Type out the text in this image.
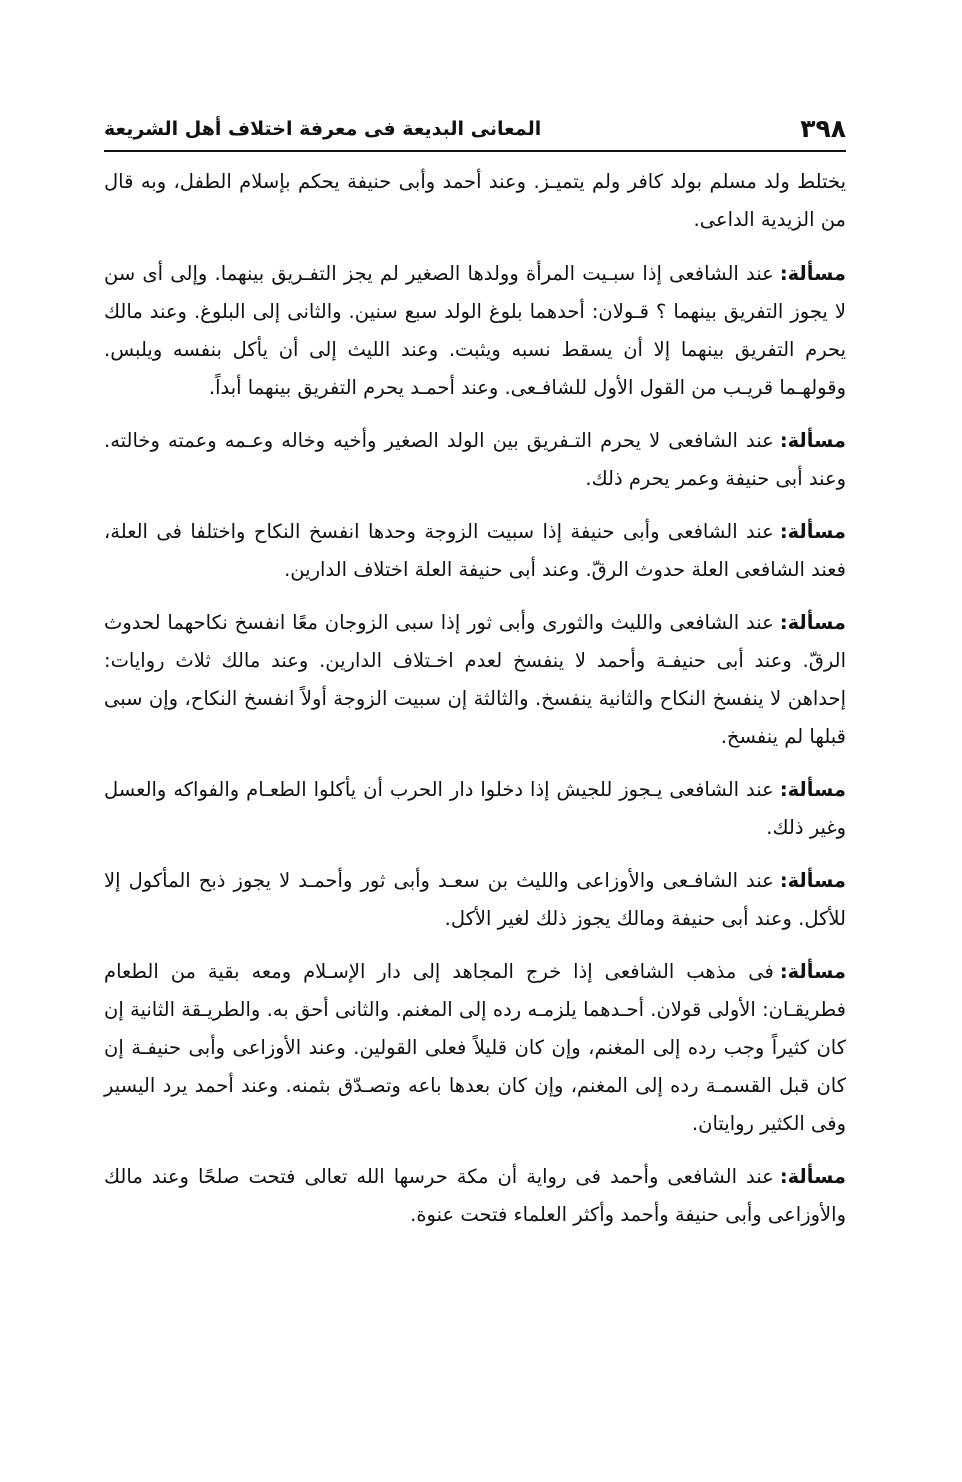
٣٩٨
المعانى البديعة فى معرفة اختلاف أهل الشريعة

يختلط ولد مسلم بولد كافر ولم يتميـز. وعند أحمد وأبى حنيفة يحكم بإسلام الطفل، وبه قال من الزيدية الداعى.

مسألة:عند الشافعى إذا سبـيت المرأة وولدها الصغير لم يجز التفـريق بينهما. وإلى أى سن لا يجوز التفريق بينهما ؟ قـولان: أحدهما بلوغ الولد سبع سنين. والثانى إلى البلوغ. وعند مالك يحرم التفريق بينهما إلا أن يسقط نسبه ويثبت. وعند الليث إلى أن يأكل بنفسه ويلبس. وقولهـما قريـب من القول الأول للشافـعى. وعند أحمـد يحرم التفريق بينهما أبداً.

مسألة:عند الشافعى لا يحرم التـفريق بين الولد الصغير وأخيه وخاله وعـمه وعمته وخالته. وعند أبى حنيفة وعمر يحرم ذلك.

مسألة:عند الشافعى وأبى حنيفة إذا سبيت الزوجة وحدها انفسخ النكاح واختلفا فى العلة، فعند الشافعى العلة حدوث الرقّ. وعند أبى حنيفة العلة اختلاف الدارين.

مسألة:عند الشافعى والليث والثورى وأبى ثور إذا سبى الزوجان معًا انفسخ نكاحهما لحدوث الرقّ. وعند أبى حنيفـة وأحمد لا ينفسخ لعدم اخـتلاف الدارين. وعند مالك ثلاث روايات: إحداهن لا ينفسخ النكاح والثانية ينفسخ. والثالثة إن سبيت الزوجة أولاً انفسخ النكاح، وإن سبى قبلها لم ينفسخ.

مسألة:عند الشافعى يـجوز للجيش إذا دخلوا دار الحرب أن يأكلوا الطعـام والفواكه والعسل وغير ذلك.

مسألة:عند الشافـعى والأوزاعى والليث بن سعـد وأبى ثور وأحمـد لا يجوز ذبح المأكول إلا للأكل. وعند أبى حنيفة ومالك يجوز ذلك لغير الأكل.

مسألة:فى مذهب الشافعى إذا خرج المجاهد إلى دار الإسـلام ومعه بقية من الطعام فطريقـان: الأولى قولان. أحـدهما يلزمـه رده إلى المغنم. والثانى أحق به. والطريـقة الثانية إن كان كثيراً وجب رده إلى المغنم، وإن كان قليلاً فعلى القولين. وعند الأوزاعى وأبى حنيفـة إن كان قبل القسمـة رده إلى المغنم، وإن كان بعدها باعه وتصـدّق بثمنه. وعند أحمد يرد اليسير وفى الكثير روايتان.

مسألة:عند الشافعى وأحمد فى رواية أن مكة حرسها الله تعالى فتحت صلحًا وعند مالك والأوزاعى وأبى حنيفة وأحمد وأكثر العلماء فتحت عنوة.
